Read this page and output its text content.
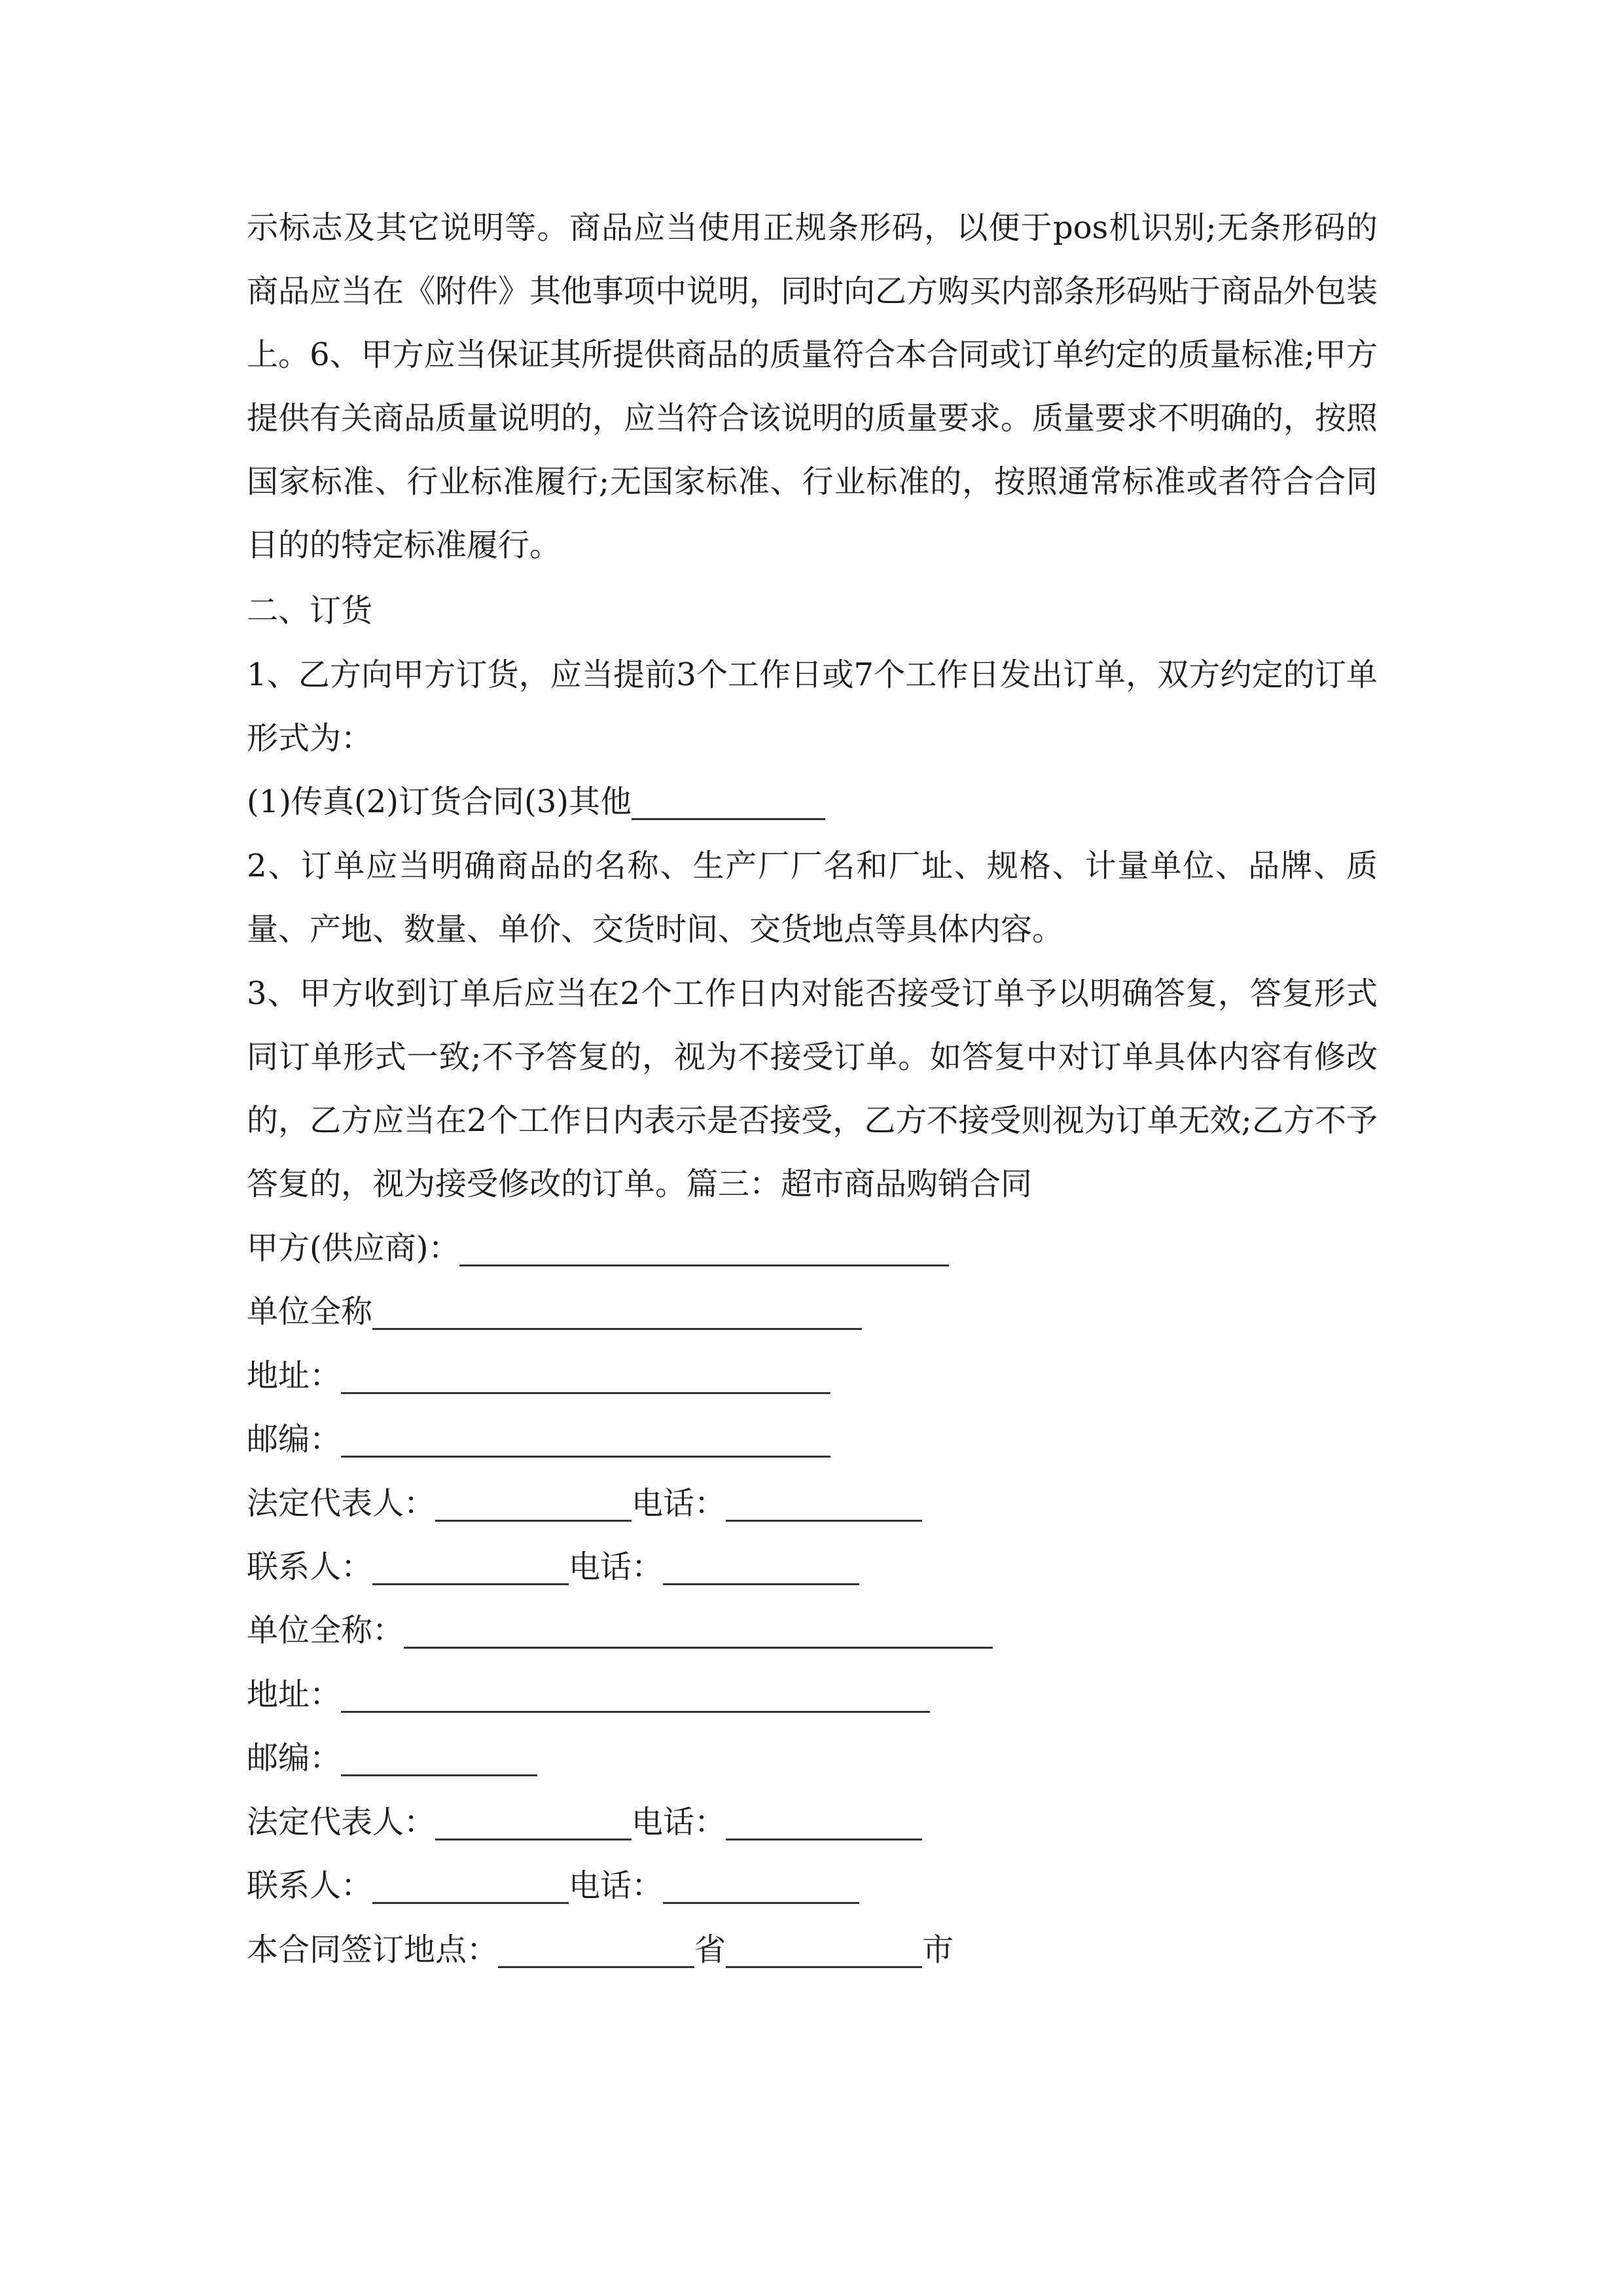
示标志及其它说明等。商品应当使用正规条形码，以便于pos机识别;无条形码的商品应当在《附件》其他事项中说明，同时向乙方购买内部条形码贴于商品外包装上。6、甲方应当保证其所提供商品的质量符合本合同或订单约定的质量标准;甲方提供有关商品质量说明的，应当符合该说明的质量要求。质量要求不明确的，按照国家标准、行业标准履行;无国家标准、行业标准的，按照通常标准或者符合合同目的的特定标准履行。

二、订货

1、乙方向甲方订货，应当提前3个工作日或7个工作日发出订单，双方约定的订单形式为：

(1)传真(2)订货合同(3)其他

2、订单应当明确商品的名称、生产厂厂名和厂址、规格、计量单位、品牌、质量、产地、数量、单价、交货时间、交货地点等具体内容。

3、甲方收到订单后应当在2个工作日内对能否接受订单予以明确答复，答复形式同订单形式一致;不予答复的，视为不接受订单。如答复中对订单具体内容有修改的，乙方应当在2个工作日内表示是否接受，乙方不接受则视为订单无效;乙方不予答复的，视为接受修改的订单。篇三：超市商品购销合同

甲方(供应商)：
单位全称
地址：
邮编：
法定代表人：	电话：
联系人：	电话：
单位全称：
地址：
邮编：
法定代表人：	电话：
联系人：	电话：
本合同签订地点：	省	市
